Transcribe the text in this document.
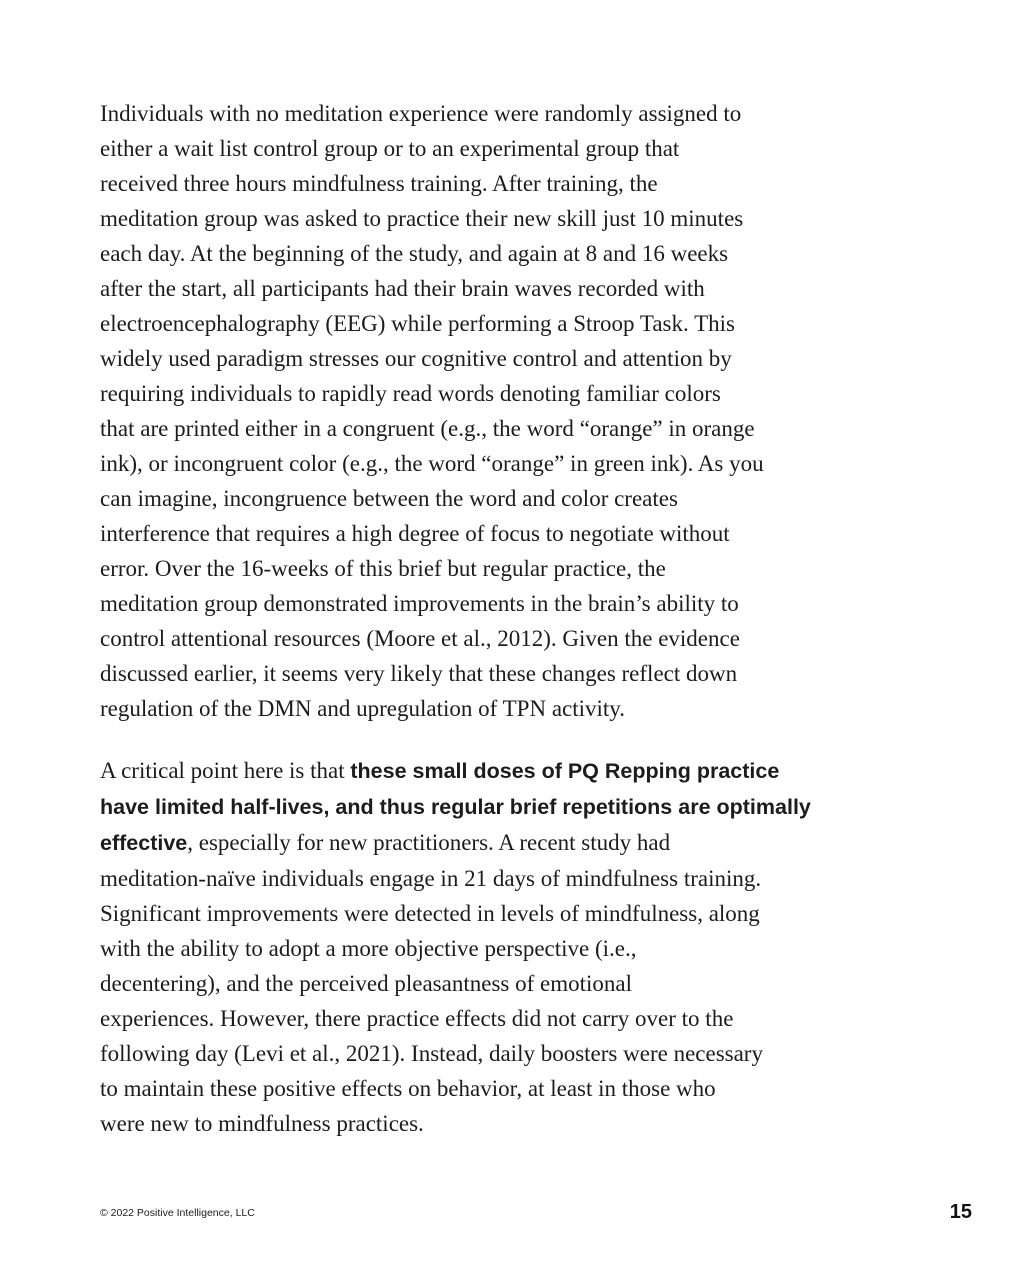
Individuals with no meditation experience were randomly assigned to
either a wait list control group or to an experimental group that
received three hours mindfulness training. After training, the
meditation group was asked to practice their new skill just 10 minutes
each day. At the beginning of the study, and again at 8 and 16 weeks
after the start, all participants had their brain waves recorded with
electroencephalography (EEG) while performing a Stroop Task. This
widely used paradigm stresses our cognitive control and attention by
requiring individuals to rapidly read words denoting familiar colors
that are printed either in a congruent (e.g., the word “orange” in orange
ink), or incongruent color (e.g., the word “orange” in green ink). As you
can imagine, incongruence between the word and color creates
interference that requires a high degree of focus to negotiate without
error. Over the 16-weeks of this brief but regular practice, the
meditation group demonstrated improvements in the brain’s ability to
control attentional resources (Moore et al., 2012). Given the evidence
discussed earlier, it seems very likely that these changes reflect down
regulation of the DMN and upregulation of TPN activity.

A critical point here is that these small doses of PQ Repping practice
have limited half-lives, and thus regular brief repetitions are optimally
effective, especially for new practitioners. A recent study had
meditation-naïve individuals engage in 21 days of mindfulness training.
Significant improvements were detected in levels of mindfulness, along
with the ability to adopt a more objective perspective (i.e.,
decentering), and the perceived pleasantness of emotional
experiences. However, there practice effects did not carry over to the
following day (Levi et al., 2021). Instead, daily boosters were necessary
to maintain these positive effects on behavior, at least in those who
were new to mindfulness practices.

© 2022 Positive Intelligence, LLC	15
